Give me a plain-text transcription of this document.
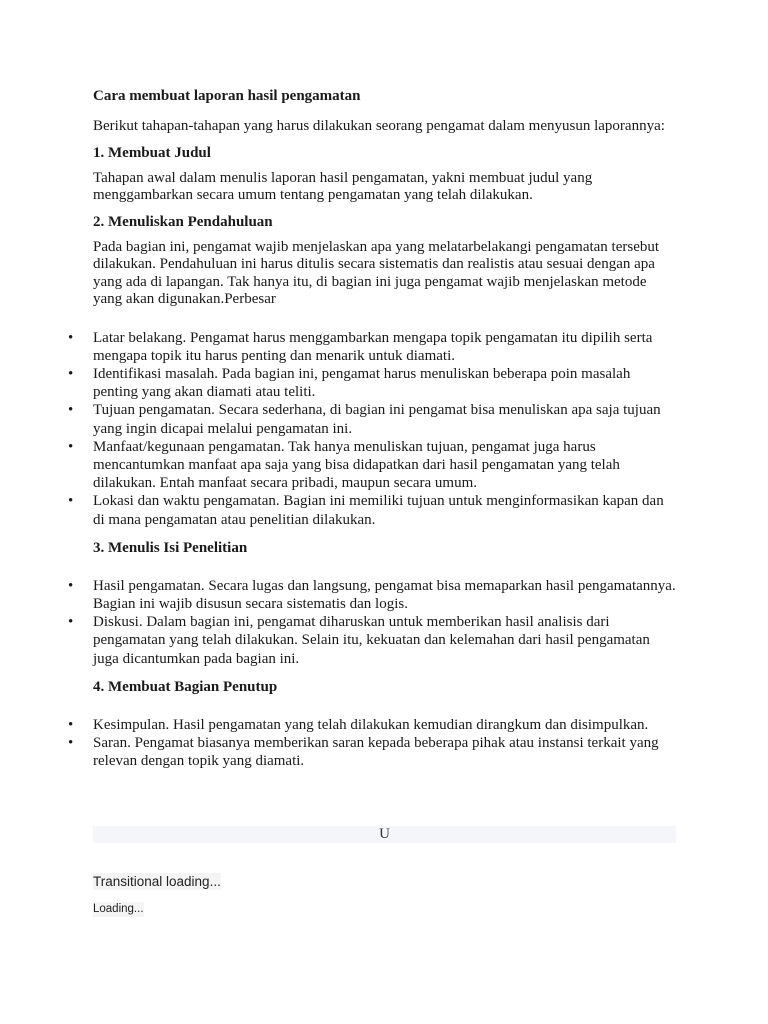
Cara membuat laporan hasil pengamatan

Berikut tahapan-tahapan yang harus dilakukan seorang pengamat dalam menyusun laporannya:

1. Membuat Judul

Tahapan awal dalam menulis laporan hasil pengamatan, yakni membuat judul yang menggambarkan secara umum tentang pengamatan yang telah dilakukan.

2. Menuliskan Pendahuluan

Pada bagian ini, pengamat wajib menjelaskan apa yang melatarbelakangi pengamatan tersebut dilakukan. Pendahuluan ini harus ditulis secara sistematis dan realistis atau sesuai dengan apa yang ada di lapangan. Tak hanya itu, di bagian ini juga pengamat wajib menjelaskan metode yang akan digunakan.Perbesar

• Latar belakang. Pengamat harus menggambarkan mengapa topik pengamatan itu dipilih serta mengapa topik itu harus penting dan menarik untuk diamati.
• Identifikasi masalah. Pada bagian ini, pengamat harus menuliskan beberapa poin masalah penting yang akan diamati atau teliti.
• Tujuan pengamatan. Secara sederhana, di bagian ini pengamat bisa menuliskan apa saja tujuan yang ingin dicapai melalui pengamatan ini.
• Manfaat/kegunaan pengamatan. Tak hanya menuliskan tujuan, pengamat juga harus mencantumkan manfaat apa saja yang bisa didapatkan dari hasil pengamatan yang telah dilakukan. Entah manfaat secara pribadi, maupun secara umum.
• Lokasi dan waktu pengamatan. Bagian ini memiliki tujuan untuk menginformasikan kapan dan di mana pengamatan atau penelitian dilakukan.
3. Menulis Isi Penelitian
• Hasil pengamatan. Secara lugas dan langsung, pengamat bisa memaparkan hasil pengamatannya. Bagian ini wajib disusun secara sistematis dan logis.
• Diskusi. Dalam bagian ini, pengamat diharuskan untuk memberikan hasil analisis dari pengamatan yang telah dilakukan. Selain itu, kekuatan dan kelemahan dari hasil pengamatan juga dicantumkan pada bagian ini.
4. Membuat Bagian Penutup
• Kesimpulan. Hasil pengamatan yang telah dilakukan kemudian dirangkum dan disimpulkan.
• Saran. Pengamat biasanya memberikan saran kepada beberapa pihak atau instansi terkait yang relevan dengan topik yang diamati.
U
Transitional loading...
Loading...
